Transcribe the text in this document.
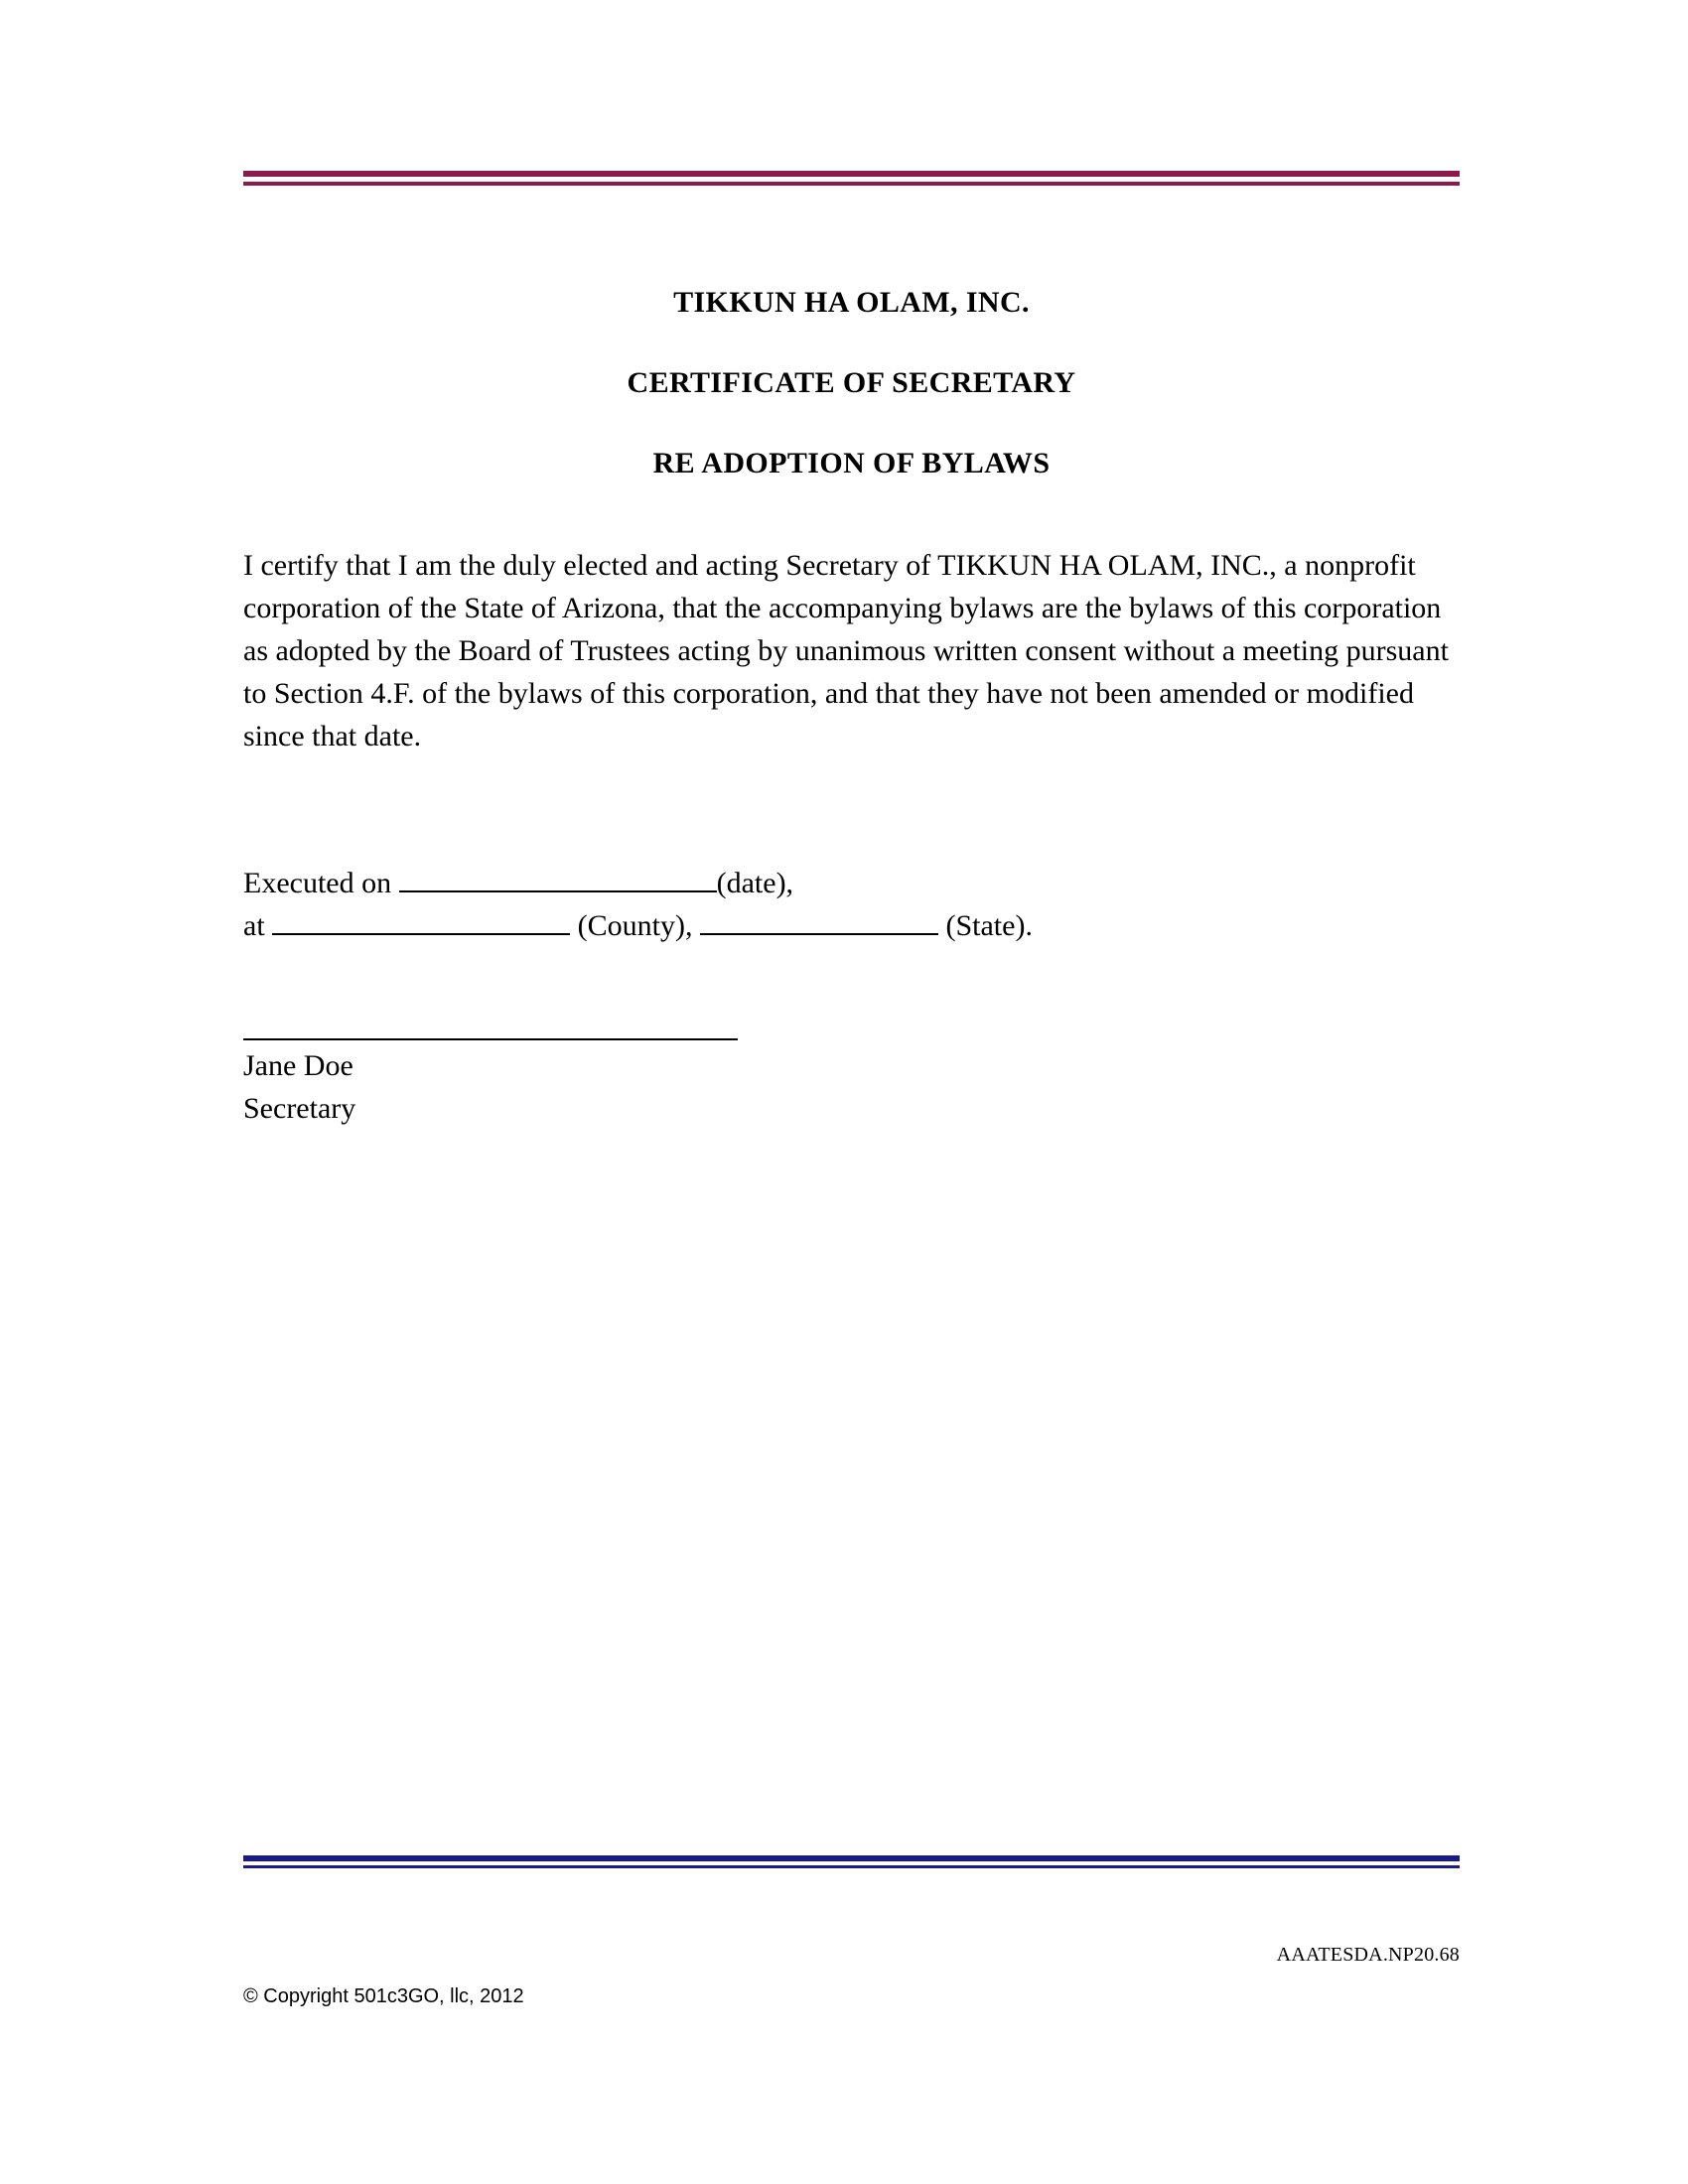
TIKKUN HA OLAM, INC.
CERTIFICATE OF SECRETARY
RE ADOPTION OF BYLAWS

I certify that I am the duly elected and acting Secretary of TIKKUN HA OLAM, INC., a nonprofit corporation of the State of Arizona, that the accompanying bylaws are the bylaws of this corporation as adopted by the Board of Trustees acting by unanimous written consent without a meeting pursuant to Section 4.F. of the bylaws of this corporation, and that they have not been amended or modified since that date.

Executed on	(date),
at	(County),	(State).

Jane Doe

Secretary

AAATESDA.NP20.68
© Copyright 501c3GO, llc, 2012
